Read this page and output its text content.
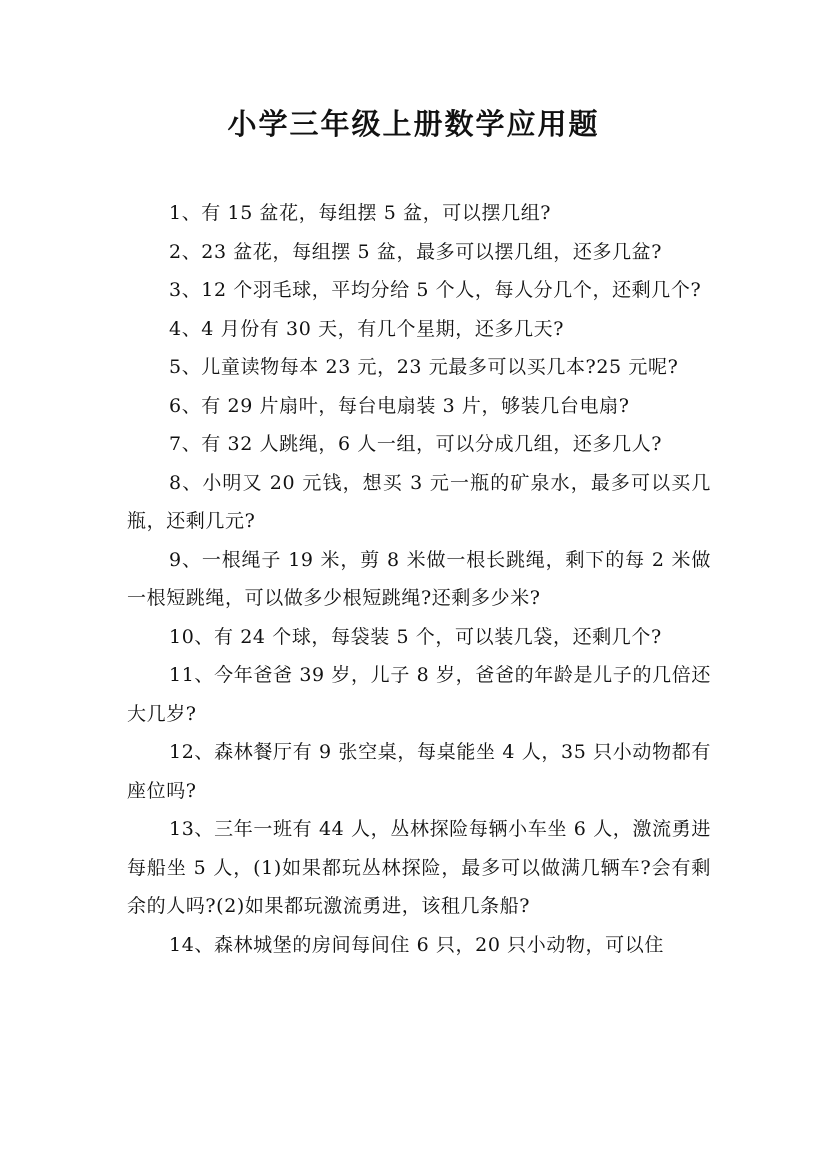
小学三年级上册数学应用题

1、有 15 盆花，每组摆 5 盆，可以摆几组?

2、23 盆花，每组摆 5 盆，最多可以摆几组，还多几盆?

3、12 个羽毛球，平均分给 5 个人，每人分几个，还剩几个?

4、4 月份有 30 天，有几个星期，还多几天?

5、儿童读物每本 23 元，23 元最多可以买几本?25 元呢?

6、有 29 片扇叶，每台电扇装 3 片，够装几台电扇?

7、有 32 人跳绳，6 人一组，可以分成几组，还多几人?

8、小明又 20 元钱，想买 3 元一瓶的矿泉水，最多可以买几瓶，还剩几元?

9、一根绳子 19 米，剪 8 米做一根长跳绳，剩下的每 2 米做一根短跳绳，可以做多少根短跳绳?还剩多少米?

10、有 24 个球，每袋装 5 个，可以装几袋，还剩几个?

11、今年爸爸 39 岁，儿子 8 岁，爸爸的年龄是儿子的几倍还大几岁?

12、森林餐厅有 9 张空桌，每桌能坐 4 人，35 只小动物都有座位吗?

13、三年一班有 44 人，丛林探险每辆小车坐 6 人，激流勇进每船坐 5 人，(1)如果都玩丛林探险，最多可以做满几辆车?会有剩余的人吗?(2)如果都玩激流勇进，该租几条船?

14、森林城堡的房间每间住 6 只，20 只小动物，可以住
